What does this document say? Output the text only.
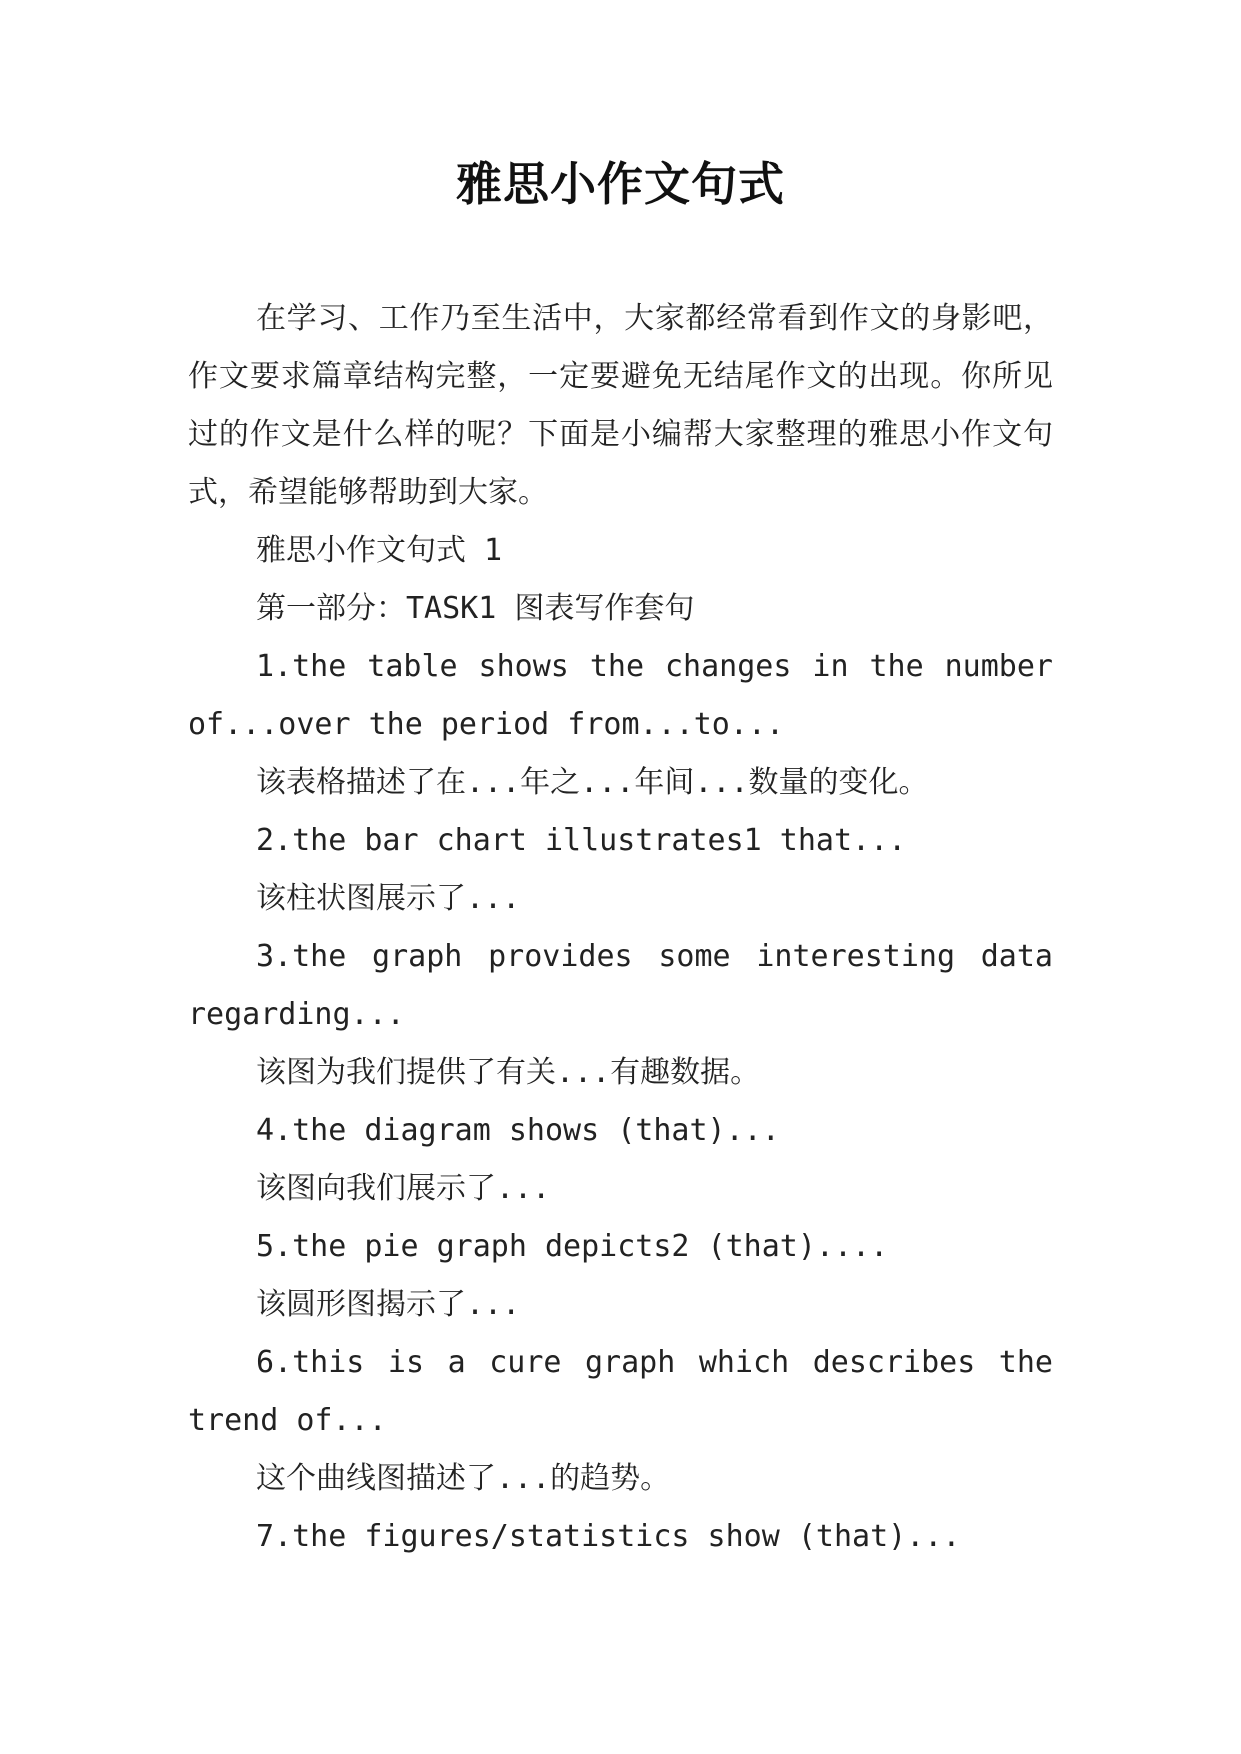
雅思小作文句式

在学习、工作乃至生活中，大家都经常看到作文的身影吧，作文要求篇章结构完整，一定要避免无结尾作文的出现。你所见过的作文是什么样的呢？下面是小编帮大家整理的雅思小作文句式，希望能够帮助到大家。

雅思小作文句式 1

第一部分：TASK1 图表写作套句

1.the table shows the changes in the number of...over the period from...to...

该表格描述了在...年之...年间...数量的变化。

2.the bar chart illustrates1 that...

该柱状图展示了...

3.the graph provides some interesting data regarding...

该图为我们提供了有关...有趣数据。

4.the diagram shows (that)...

该图向我们展示了...

5.the pie graph depicts2 (that)....

该圆形图揭示了...

6.this is a cure graph which describes the trend of...

这个曲线图描述了...的趋势。

7.the figures/statistics show (that)...
